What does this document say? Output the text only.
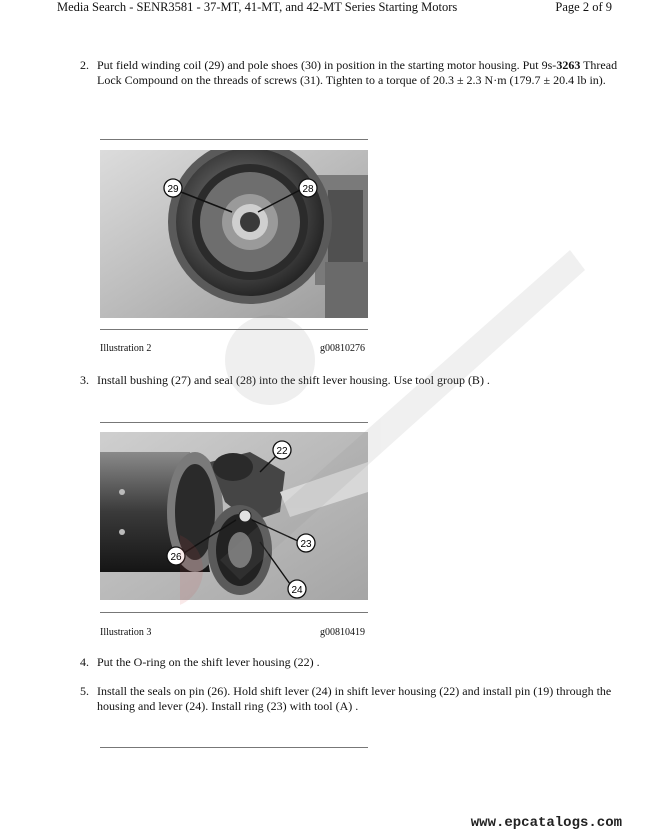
Media Search - SENR3581 - 37-MT, 41-MT, and 42-MT Series Starting Motors	Page 2 of 9
2. Put field winding coil (29) and pole shoes (30) in position in the starting motor housing. Put 9s-3263 Thread Lock Compound on the threads of screws (31). Tighten to a torque of 20.3 ± 2.3 N·m (179.7 ± 20.4 lb in).
29	28
Illustration 2	g00810276
3. Install bushing (27) and seal (28) into the shift lever housing. Use tool group (B) .
22
26
23
24
Illustration 3	g00810419
4. Put the O-ring on the shift lever housing (22) .
5. Install the seals on pin (26). Hold shift lever (24) in shift lever housing (22) and install pin (19) through the housing and lever (24). Install ring (23) with tool (A) .
www.epcatalogs.com
